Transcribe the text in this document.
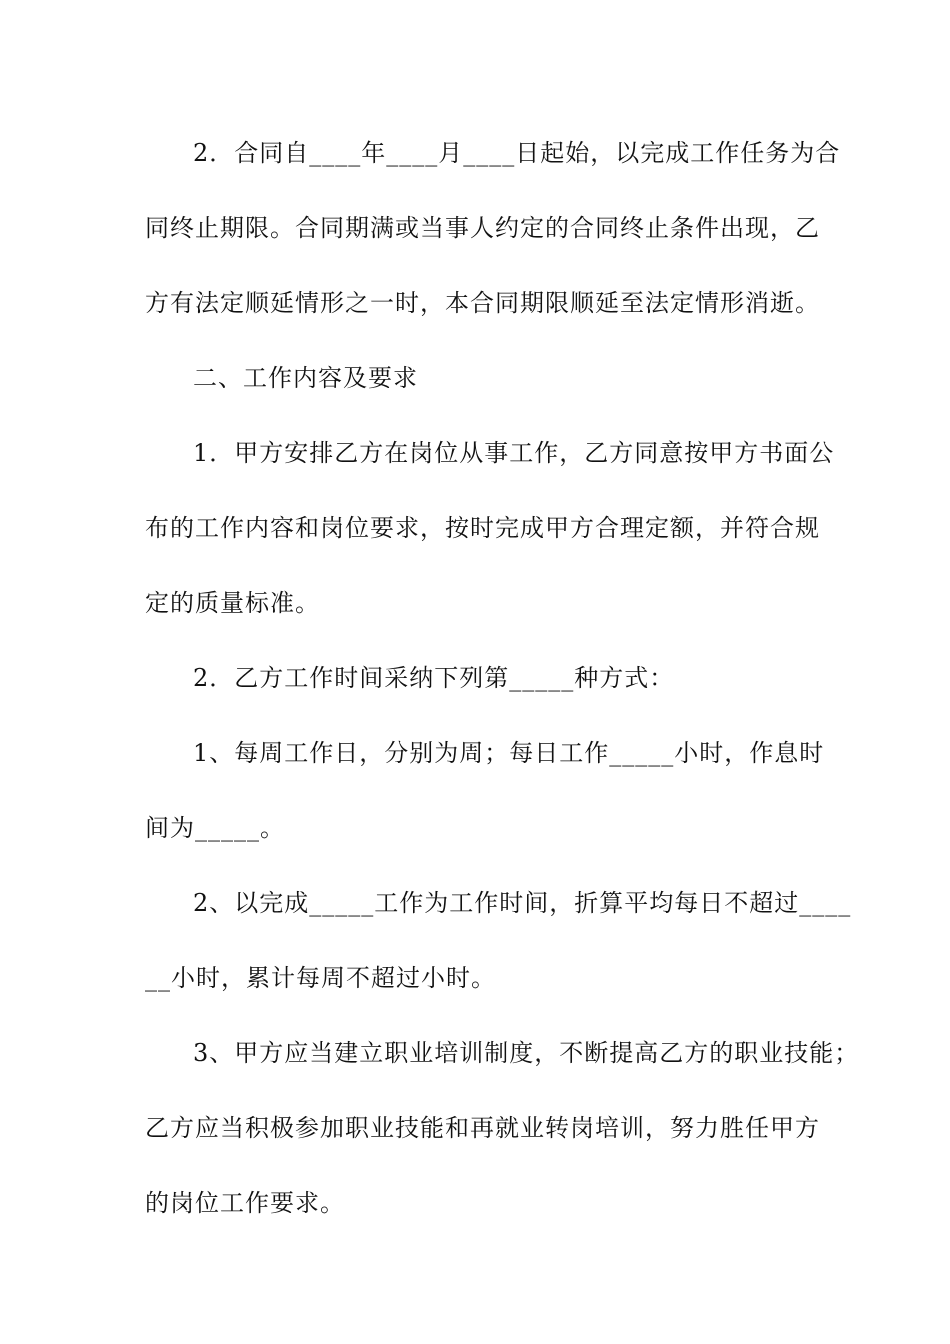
2．合同自____年____月____日起始，以完成工作任务为合
同终止期限。合同期满或当事人约定的合同终止条件出现，乙
方有法定顺延情形之一时，本合同期限顺延至法定情形消逝。
二、工作内容及要求
1．甲方安排乙方在岗位从事工作，乙方同意按甲方书面公
布的工作内容和岗位要求，按时完成甲方合理定额，并符合规
定的质量标准。
2．乙方工作时间采纳下列第_____种方式：
1、每周工作日，分别为周；每日工作_____小时，作息时
间为_____。
2、以完成_____工作为工作时间，折算平均每日不超过____
__小时，累计每周不超过小时。
3、甲方应当建立职业培训制度，不断提高乙方的职业技能；
乙方应当积极参加职业技能和再就业转岗培训，努力胜任甲方
的岗位工作要求。
